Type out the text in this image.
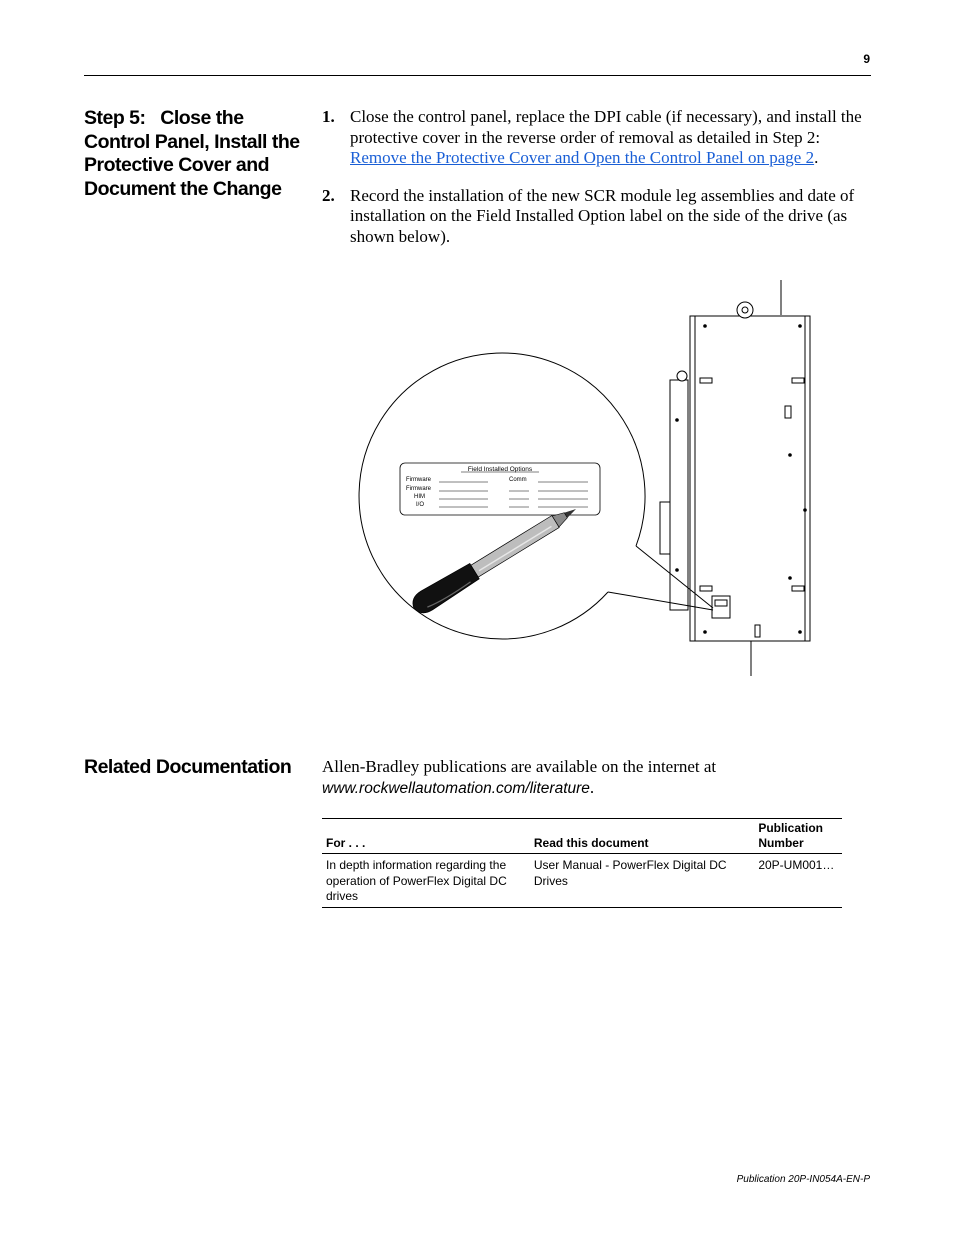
9
Step 5:   Close the Control Panel, Install the Protective Cover and Document the Change
1. Close the control panel, replace the DPI cable (if necessary), and install the protective cover in the reverse order of removal as detailed in Step 2: Remove the Protective Cover and Open the Control Panel on page 2.
2. Record the installation of the new SCR module leg assemblies and date of installation on the Field Installed Option label on the side of the drive (as shown below).
Field Installed Options
Firmware
Firmware
HIM
I/O
Comm
Related Documentation	Allen-Bradley publications are available on the internet at
www.rockwellautomation.com/literature.
For . . .	Read this document	Publication Number
In depth information regarding the operation of PowerFlex Digital DC drives	User Manual - PowerFlex Digital DC Drives	20P-UM001…
Publication 20P-IN054A-EN-P
